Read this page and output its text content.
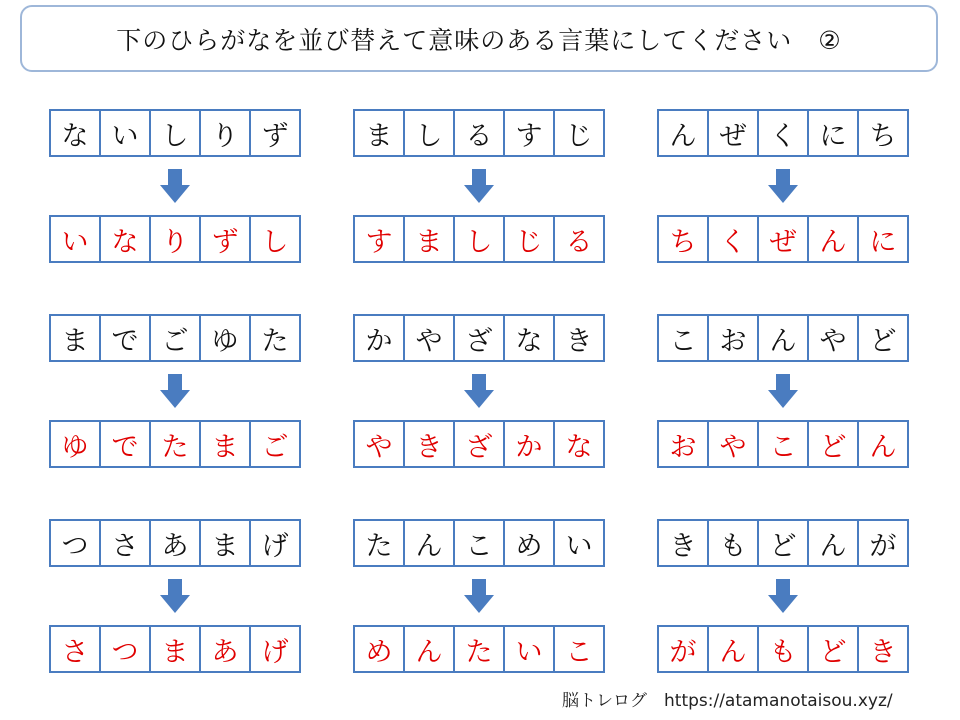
下のひらがなを並び替えて意味のある言葉にしてください　②
な い し り ず
い な り ず し
ま し る す じ
す ま し じ る
ん ぜ く に ち
ち く ぜ ん に
ま で ご ゆ た
ゆ で た ま ご
か や ざ な き
や き ざ か な
こ お ん や ど
お や こ ど ん
つ さ あ ま げ
さ つ ま あ げ
た ん こ め い
め ん た い こ
き も ど ん が
が ん も ど き
脳トレログ　https://atamanotaisou.xyz/
